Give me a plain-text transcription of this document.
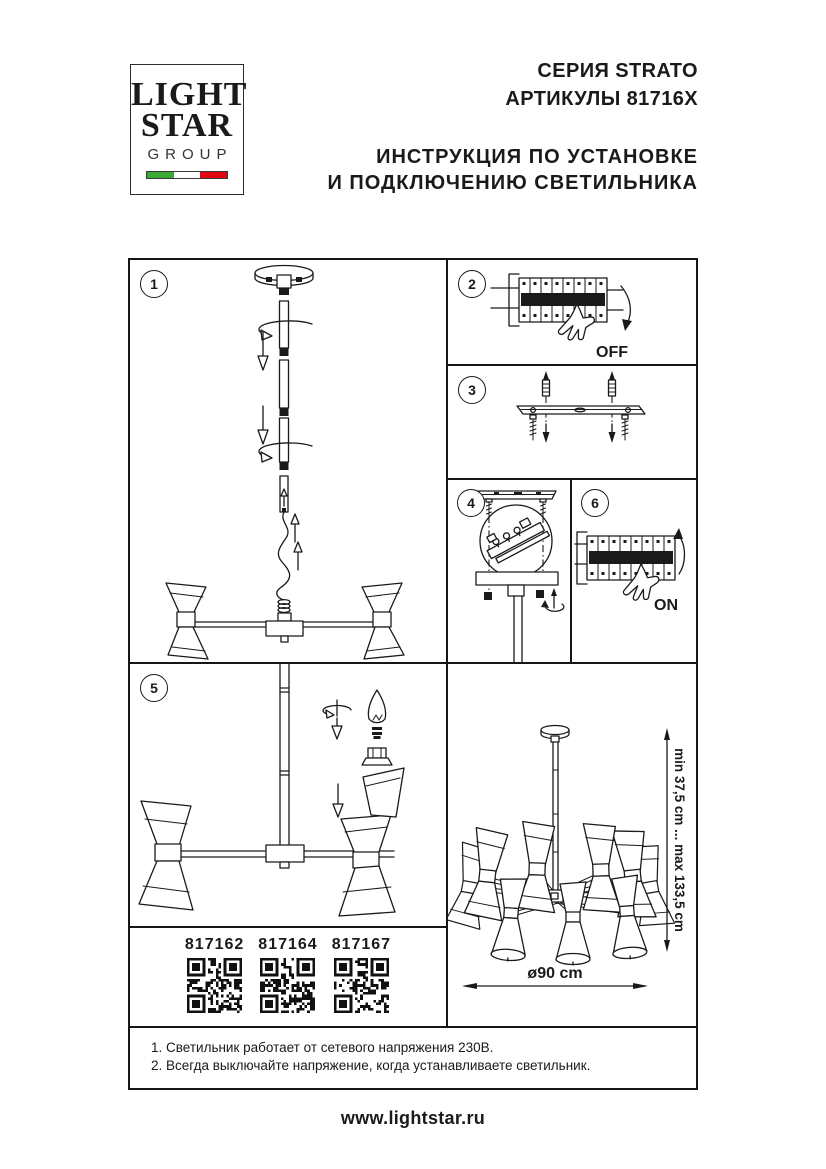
LIGHT
STAR
GROUP
СЕРИЯ STRATO
АРТИКУЛЫ 81716X
ИНСТРУКЦИЯ ПО УСТАНОВКЕ
И ПОДКЛЮЧЕНИЮ СВЕТИЛЬНИКА
1	2
OFF
3
4	6
ON
5
min 37,5 cm ... max 133,5 cm
ø90 cm
817162 817164 817167
1. Светильник работает от сетевого напряжения 230В.
2. Всегда выключайте напряжение, когда устанавливаете светильник.
www.lightstar.ru
